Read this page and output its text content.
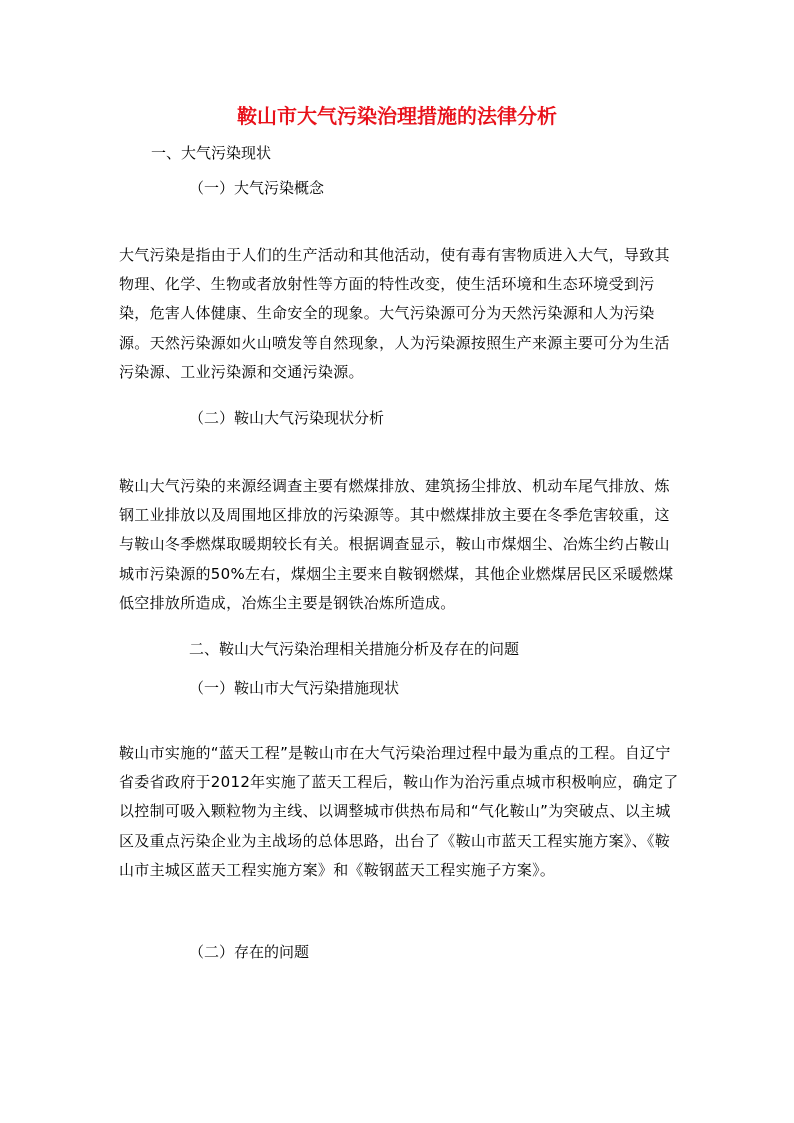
鞍山市大气污染治理措施的法律分析
一、大气污染现状
（一）大气污染概念
大气污染是指由于人们的生产活动和其他活动，使有毒有害物质进入大气，导致其物理、化学、生物或者放射性等方面的特性改变，使生活环境和生态环境受到污染，危害人体健康、生命安全的现象。大气污染源可分为天然污染源和人为污染源。天然污染源如火山喷发等自然现象，人为污染源按照生产来源主要可分为生活污染源、工业污染源和交通污染源。
（二）鞍山大气污染现状分析
鞍山大气污染的来源经调查主要有燃煤排放、建筑扬尘排放、机动车尾气排放、炼钢工业排放以及周围地区排放的污染源等。其中燃煤排放主要在冬季危害较重，这与鞍山冬季燃煤取暖期较长有关。根据调查显示，鞍山市煤烟尘、冶炼尘约占鞍山城市污染源的50%左右，煤烟尘主要来自鞍钢燃煤，其他企业燃煤居民区采暖燃煤低空排放所造成，冶炼尘主要是钢铁冶炼所造成。
二、鞍山大气污染治理相关措施分析及存在的问题
（一）鞍山市大气污染措施现状
鞍山市实施的“蓝天工程”是鞍山市在大气污染治理过程中最为重点的工程。自辽宁省委省政府于2012年实施了蓝天工程后，鞍山作为治污重点城市积极响应，确定了以控制可吸入颗粒物为主线、以调整城市供热布局和“气化鞍山”为突破点、以主城区及重点污染企业为主战场的总体思路，出台了《鞍山市蓝天工程实施方案》、《鞍山市主城区蓝天工程实施方案》和《鞍钢蓝天工程实施子方案》。
（二）存在的问题
